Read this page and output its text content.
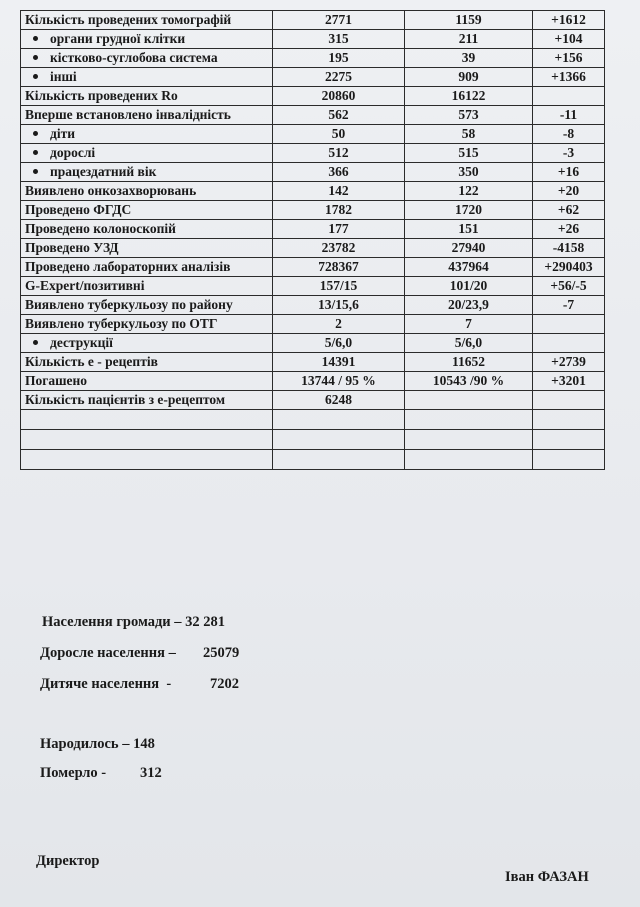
Кількість проведених томографій	2771	1159	+1612

органи грудної клітки	315	211	+104

кістково-суглобова система	195	39	+156

інші	2275	909	+1366
Кількість проведених Ro	20860	16122	
Вперше встановлено інвалідність	562	573	-11

діти	50	58	-8

дорослі	512	515	-3

працездатний вік	366	350	+16
Виявлено онкозахворювань	142	122	+20
Проведено ФГДС	1782	1720	+62
Проведено колоноскопій	177	151	+26
Проведено УЗД	23782	27940	-4158
Проведено лабораторних аналізів	728367	437964	+290403
G-Expert/позитивні	157/15	101/20	+56/-5
Виявлено туберкульозу по району	13/15,6	20/23,9	-7
Виявлено туберкульозу по ОТГ	2	7	

деструкції	5/6,0	5/6,0	
Кількість е - рецептів	14391	11652	+2739
Погашено	13744 / 95 %	10543 /90 %	+3201
Кількість пацієнтів з е-рецептом	6248		

Населення громади – 32 281
Доросле населення – 25079
Дитяче населення  -	7202
Народилось – 148
Померло - 312
Директор
Іван ФАЗАН
